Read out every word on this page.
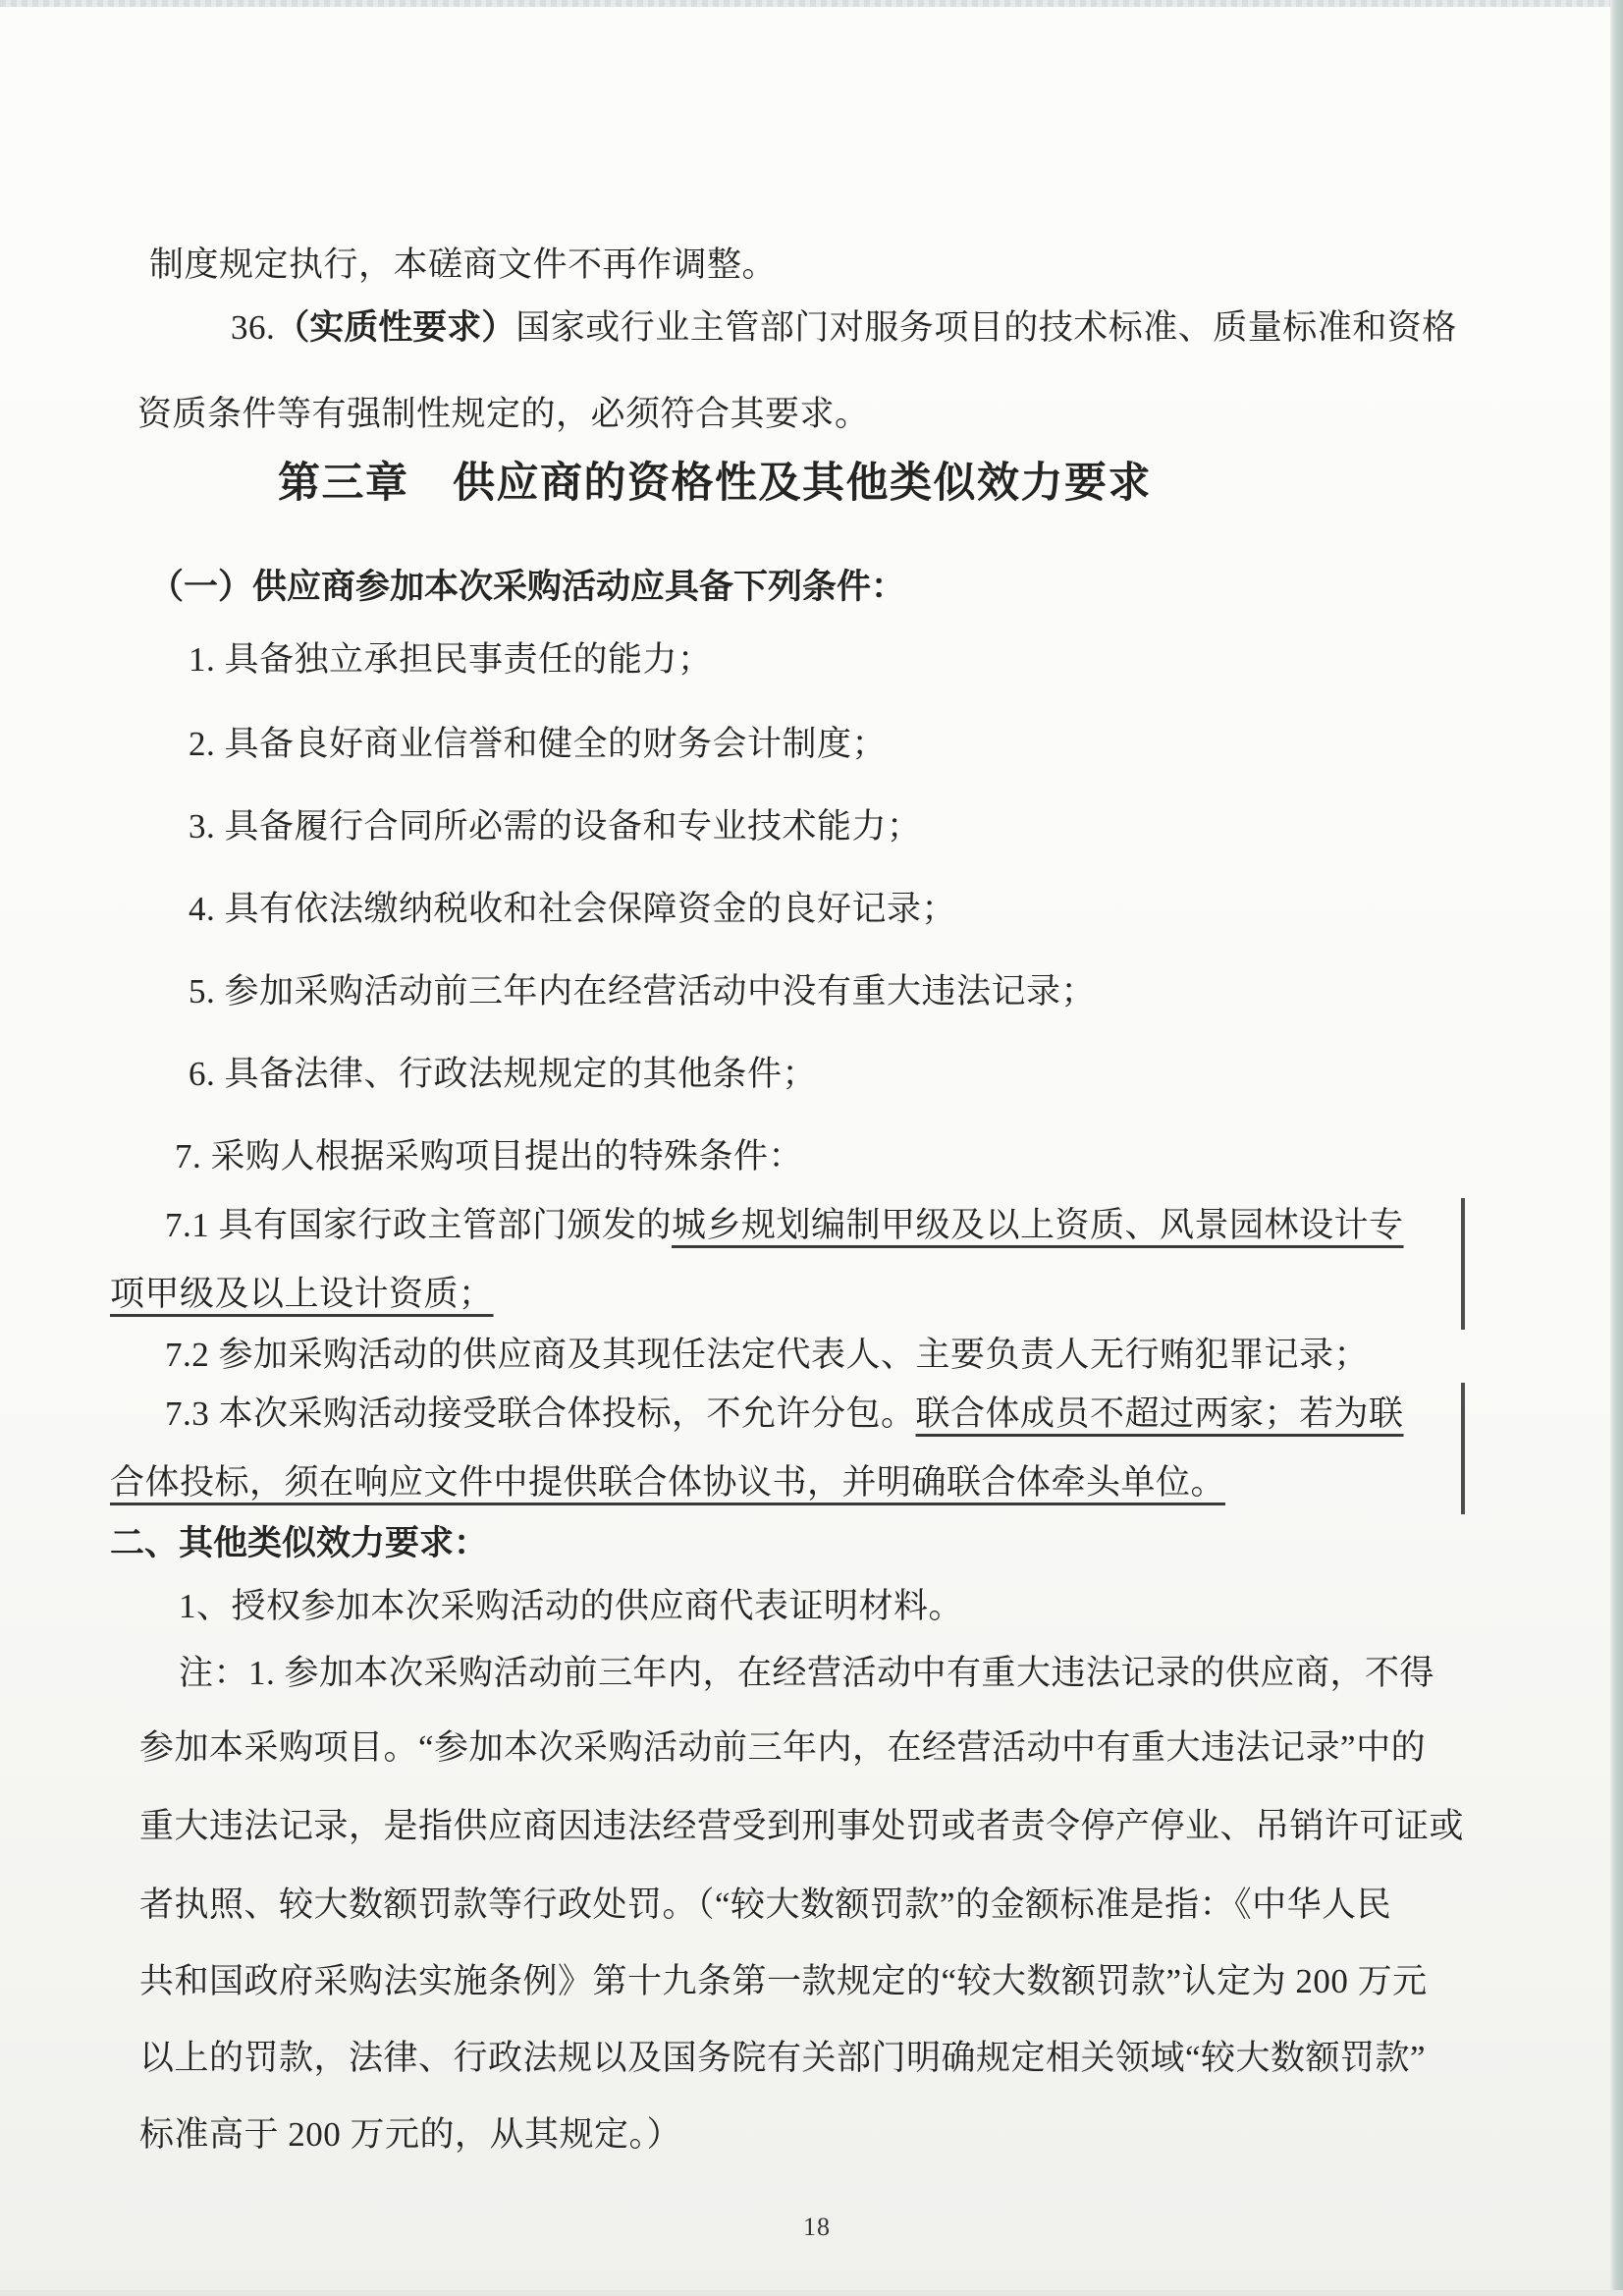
制度规定执行，本磋商文件不再作调整。
36.（实质性要求）国家或行业主管部门对服务项目的技术标准、质量标准和资格
资质条件等有强制性规定的，必须符合其要求。
第三章　供应商的资格性及其他类似效力要求
（一）供应商参加本次采购活动应具备下列条件：
1. 具备独立承担民事责任的能力；
2. 具备良好商业信誉和健全的财务会计制度；
3. 具备履行合同所必需的设备和专业技术能力；
4. 具有依法缴纳税收和社会保障资金的良好记录；
5. 参加采购活动前三年内在经营活动中没有重大违法记录；
6. 具备法律、行政法规规定的其他条件；
7. 采购人根据采购项目提出的特殊条件：
7.1 具有国家行政主管部门颁发的城乡规划编制甲级及以上资质、风景园林设计专
项甲级及以上设计资质；
7.2 参加采购活动的供应商及其现任法定代表人、主要负责人无行贿犯罪记录；
7.3 本次采购活动接受联合体投标，不允许分包。联合体成员不超过两家；若为联
合体投标，须在响应文件中提供联合体协议书，并明确联合体牵头单位。
二、其他类似效力要求：
1、授权参加本次采购活动的供应商代表证明材料。
注：1. 参加本次采购活动前三年内，在经营活动中有重大违法记录的供应商，不得
参加本采购项目。“参加本次采购活动前三年内，在经营活动中有重大违法记录”中的
重大违法记录，是指供应商因违法经营受到刑事处罚或者责令停产停业、吊销许可证或
者执照、较大数额罚款等行政处罚。（“较大数额罚款”的金额标准是指：《中华人民
共和国政府采购法实施条例》第十九条第一款规定的“较大数额罚款”认定为 200 万元
以上的罚款，法律、行政法规以及国务院有关部门明确规定相关领域“较大数额罚款”
标准高于 200 万元的，从其规定。）
18
